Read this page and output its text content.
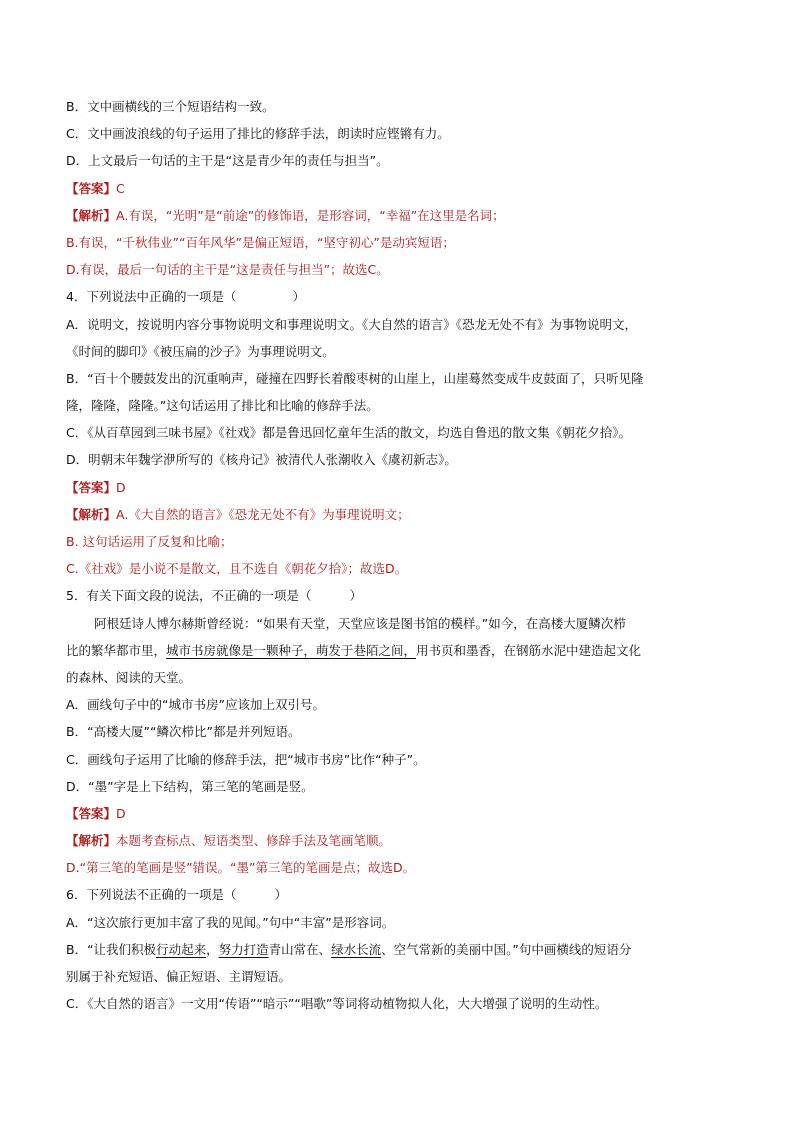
B．文中画横线的三个短语结构一致。
C．文中画波浪线的句子运用了排比的修辞手法，朗读时应铿锵有力。
D．上文最后一句话的主干是“这是青少年的责任与担当”。
【答案】C
【解析】A.有误，“光明”是“前途”的修饰语，是形容词，“幸福”在这里是名词；
B.有误，“千秋伟业”“百年风华”是偏正短语，“坚守初心”是动宾短语；
D.有误，最后一句话的主干是“这是责任与担当”；故选C。
4．下列说法中正确的一项是（	）
A．说明文，按说明内容分事物说明文和事理说明文。《大自然的语言》《恐龙无处不有》为事物说明文，
《时间的脚印》《被压扁的沙子》为事理说明文。
B．“百十个腰鼓发出的沉重响声，碰撞在四野长着酸枣树的山崖上，山崖蓦然变成牛皮鼓面了，只听见隆
隆，隆隆，隆隆。”这句话运用了排比和比喻的修辞手法。
C．《从百草园到三味书屋》《社戏》都是鲁迅回忆童年生活的散文，均选自鲁迅的散文集《朝花夕拾》。
D．明朝末年魏学洢所写的《核舟记》被清代人张潮收入《虞初新志》。
【答案】D
【解析】A.《大自然的语言》《恐龙无处不有》为事理说明文；
B. 这句话运用了反复和比喻；
C.《社戏》是小说不是散文，且不选自《朝花夕拾》；故选D。
5．有关下面文段的说法，不正确的一项是（	）
阿根廷诗人博尔赫斯曾经说：“如果有天堂，天堂应该是图书馆的模样。”如今，在高楼大厦鳞次栉
比的繁华都市里，城市书房就像是一颗种子，萌发于巷陌之间，用书页和墨香，在钢筋水泥中建造起文化
的森林、阅读的天堂。
A．画线句子中的“城市书房”应该加上双引号。
B．“高楼大厦”“鳞次栉比”都是并列短语。
C．画线句子运用了比喻的修辞手法，把“城市书房”比作“种子”。
D．“墨”字是上下结构，第三笔的笔画是竖。
【答案】D
【解析】本题考查标点、短语类型、修辞手法及笔画笔顺。
D.“第三笔的笔画是竖”错误。“墨”第三笔的笔画是点；故选D。
6．下列说法不正确的一项是（	）
A．“这次旅行更加丰富了我的见闻。”句中“丰富”是形容词。
B．“让我们积极行动起来，努力打造青山常在、绿水长流、空气常新的美丽中国。”句中画横线的短语分
别属于补充短语、偏正短语、主谓短语。
C．《大自然的语言》一文用“传语”“暗示”“唱歌”等词将动植物拟人化，大大增强了说明的生动性。
